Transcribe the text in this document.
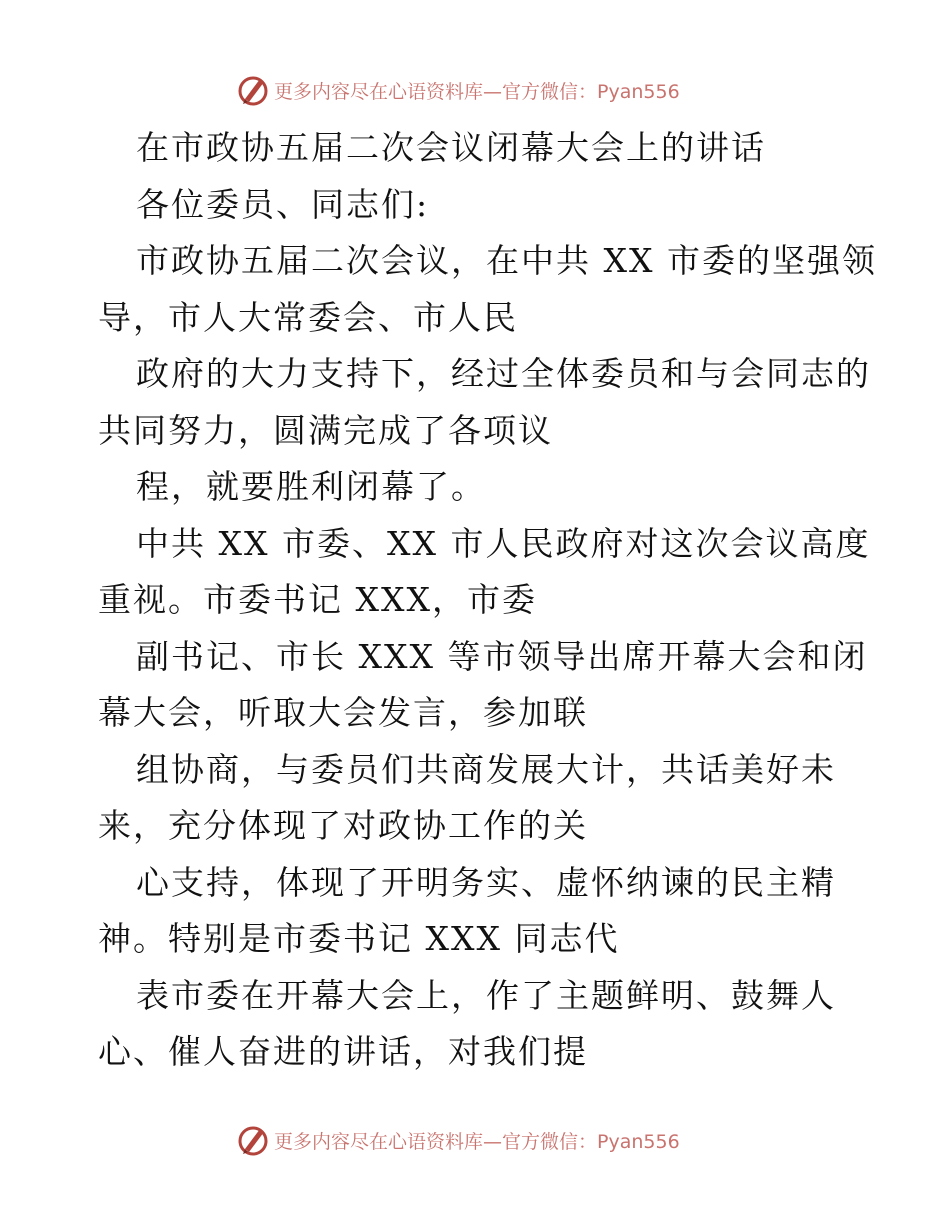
更多内容尽在心语资料库—官方微信：Pyan556
在市政协五届二次会议闭幕大会上的讲话
各位委员、同志们:
市政协五届二次会议，在中共 XX 市委的坚强领
导，市人大常委会、市人民
政府的大力支持下，经过全体委员和与会同志的
共同努力，圆满完成了各项议
程，就要胜利闭幕了。
中共 XX 市委、XX 市人民政府对这次会议高度
重视。市委书记 XXX，市委
副书记、市长 XXX 等市领导出席开幕大会和闭
幕大会，听取大会发言，参加联
组协商，与委员们共商发展大计，共话美好未
来，充分体现了对政协工作的关
心支持，体现了开明务实、虚怀纳谏的民主精
神。特别是市委书记 XXX 同志代
表市委在开幕大会上，作了主题鲜明、鼓舞人
心、催人奋进的讲话，对我们提
更多内容尽在心语资料库—官方微信：Pyan556
